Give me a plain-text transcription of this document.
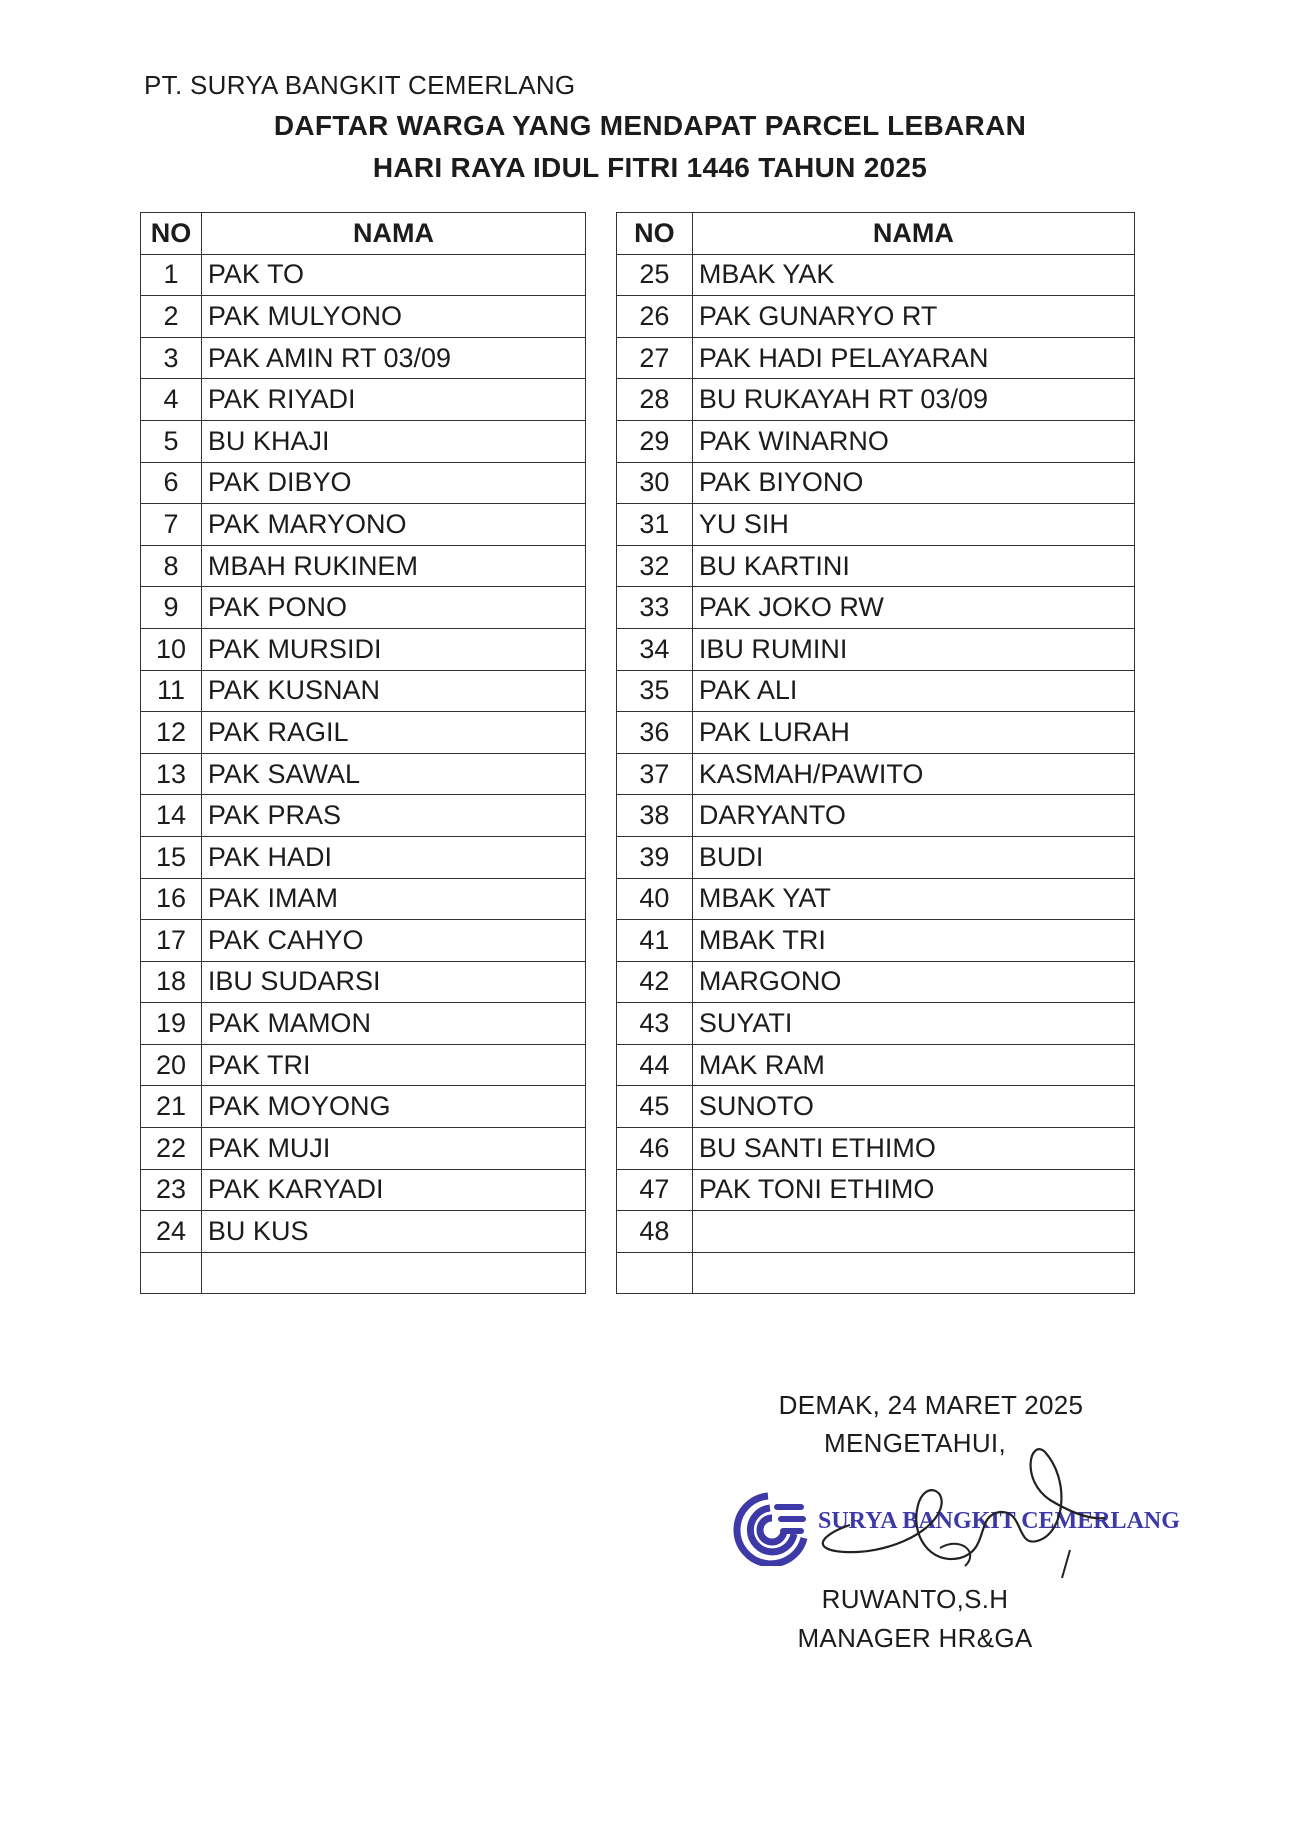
PT. SURYA BANGKIT CEMERLANG
DAFTAR WARGA YANG MENDAPAT PARCEL LEBARAN
HARI RAYA IDUL FITRI 1446 TAHUN 2025
NO	NAMA
1	PAK TO
2	PAK MULYONO
3	PAK AMIN RT 03/09
4	PAK RIYADI
5	BU KHAJI
6	PAK DIBYO
7	PAK MARYONO
8	MBAH RUKINEM
9	PAK PONO
10	PAK MURSIDI
11	PAK KUSNAN
12	PAK RAGIL
13	PAK SAWAL
14	PAK PRAS
15	PAK HADI
16	PAK IMAM
17	PAK CAHYO
18	IBU SUDARSI
19	PAK MAMON
20	PAK TRI
21	PAK MOYONG
22	PAK MUJI
23	PAK KARYADI
24	BU KUS

NO	NAMA
25	MBAK YAK
26	PAK GUNARYO RT
27	PAK HADI PELAYARAN
28	BU RUKAYAH RT 03/09
29	PAK WINARNO
30	PAK BIYONO
31	YU SIH
32	BU KARTINI
33	PAK JOKO RW
34	IBU RUMINI
35	PAK ALI
36	PAK LURAH
37	KASMAH/PAWITO
38	DARYANTO
39	BUDI
40	MBAK YAT
41	MBAK TRI
42	MARGONO
43	SUYATI
44	MAK RAM
45	SUNOTO
46	BU SANTI ETHIMO
47	PAK TONI ETHIMO
48	

DEMAK, 24 MARET 2025
MENGETAHUI,
SURYA BANGKIT CEMERLANG
RUWANTO,S.H
MANAGER HR&GA
